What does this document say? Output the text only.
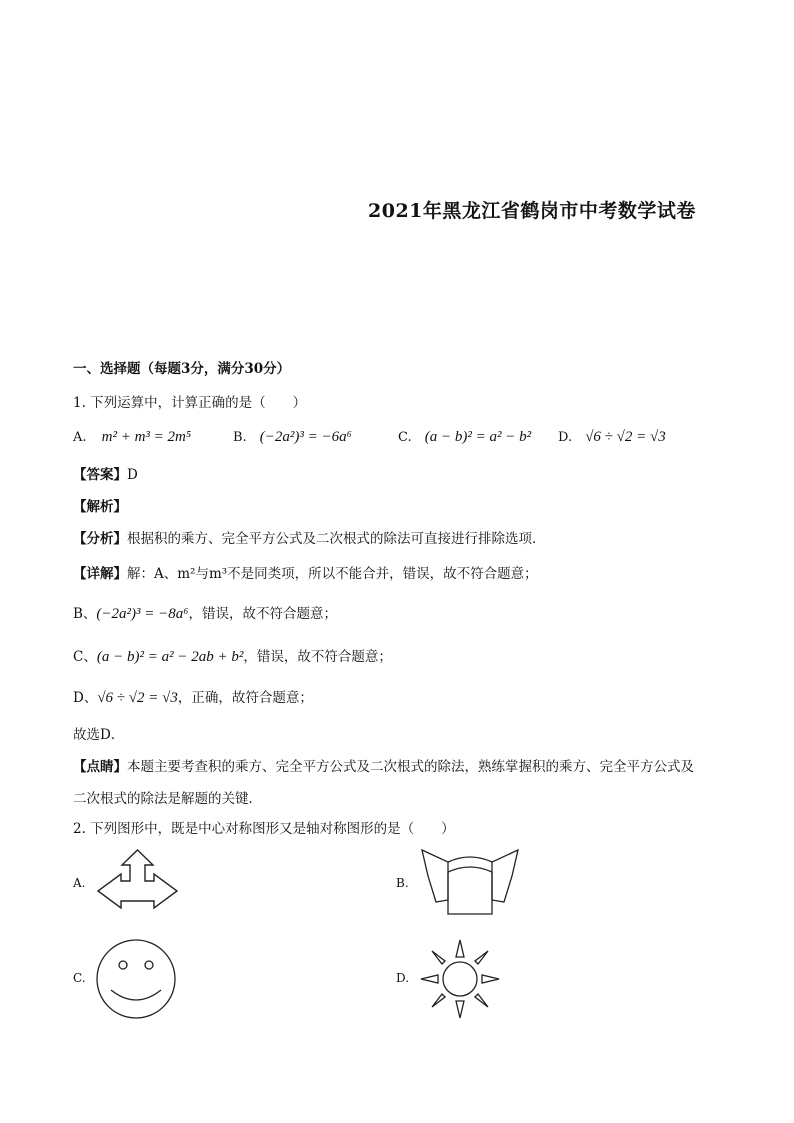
2021年黑龙江省鹤岗市中考数学试卷
一、选择题（每题3分，满分30分）
1. 下列运算中，计算正确的是（　　）
A. m² + m³ = 2m⁵	B. (−2a²)³ = −6a⁶	C. (a − b)² = a² − b² D. √6 ÷ √2 = √3
【答案】D
【解析】
【分析】根据积的乘方、完全平方公式及二次根式的除法可直接进行排除选项．
【详解】解：A、m²与m³不是同类项，所以不能合并，错误，故不符合题意；
B、(−2a²)³ = −8a⁶，错误，故不符合题意；
C、(a − b)² = a² − 2ab + b²，错误，故不符合题意；
D、√6 ÷ √2 = √3，正确，故符合题意；
故选D．
【点睛】本题主要考查积的乘方、完全平方公式及二次根式的除法，熟练掌握积的乘方、完全平方公式及
二次根式的除法是解题的关键．
2. 下列图形中，既是中心对称图形又是轴对称图形的是（　　）
A.	B.
C.	D.
